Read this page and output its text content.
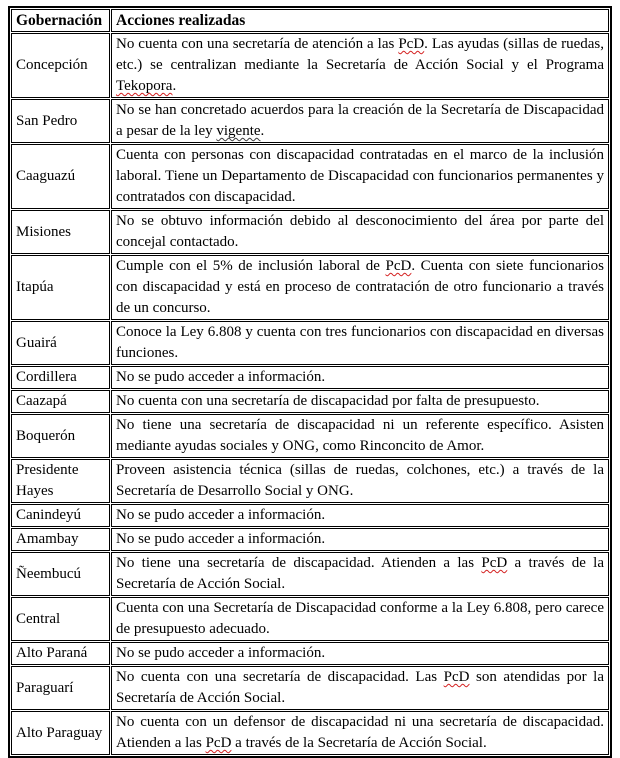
Gobernación	Acciones realizadas
Concepción	No cuenta con una secretaría de atención a las PcD. Las ayudas (sillas de ruedas, etc.) se centralizan mediante la Secretaría de Acción Social y el Programa Tekopora.
San Pedro	No se han concretado acuerdos para la creación de la Secretaría de Discapacidad a pesar de la ley vigente.
Caaguazú	Cuenta con personas con discapacidad contratadas en el marco de la inclusión laboral. Tiene un Departamento de Discapacidad con funcionarios permanentes y contratados con discapacidad.
Misiones	No se obtuvo información debido al desconocimiento del área por parte del concejal contactado.
Itapúa	Cumple con el 5% de inclusión laboral de PcD. Cuenta con siete funcionarios con discapacidad y está en proceso de contratación de otro funcionario a través de un concurso.
Guairá	Conoce la Ley 6.808 y cuenta con tres funcionarios con discapacidad en diversas funciones.
Cordillera	No se pudo acceder a información.
Caazapá	No cuenta con una secretaría de discapacidad por falta de presupuesto.
Boquerón	No tiene una secretaría de discapacidad ni un referente específico. Asisten mediante ayudas sociales y ONG, como Rinconcito de Amor.
Presidente Hayes	Proveen asistencia técnica (sillas de ruedas, colchones, etc.) a través de la Secretaría de Desarrollo Social y ONG.
Canindeyú	No se pudo acceder a información.
Amambay	No se pudo acceder a información.
Ñeembucú	No tiene una secretaría de discapacidad. Atienden a las PcD a través de la Secretaría de Acción Social.
Central	Cuenta con una Secretaría de Discapacidad conforme a la Ley 6.808, pero carece de presupuesto adecuado.
Alto Paraná	No se pudo acceder a información.
Paraguarí	No cuenta con una secretaría de discapacidad. Las PcD son atendidas por la Secretaría de Acción Social.
Alto Paraguay	No cuenta con un defensor de discapacidad ni una secretaría de discapacidad. Atienden a las PcD a través de la Secretaría de Acción Social.
